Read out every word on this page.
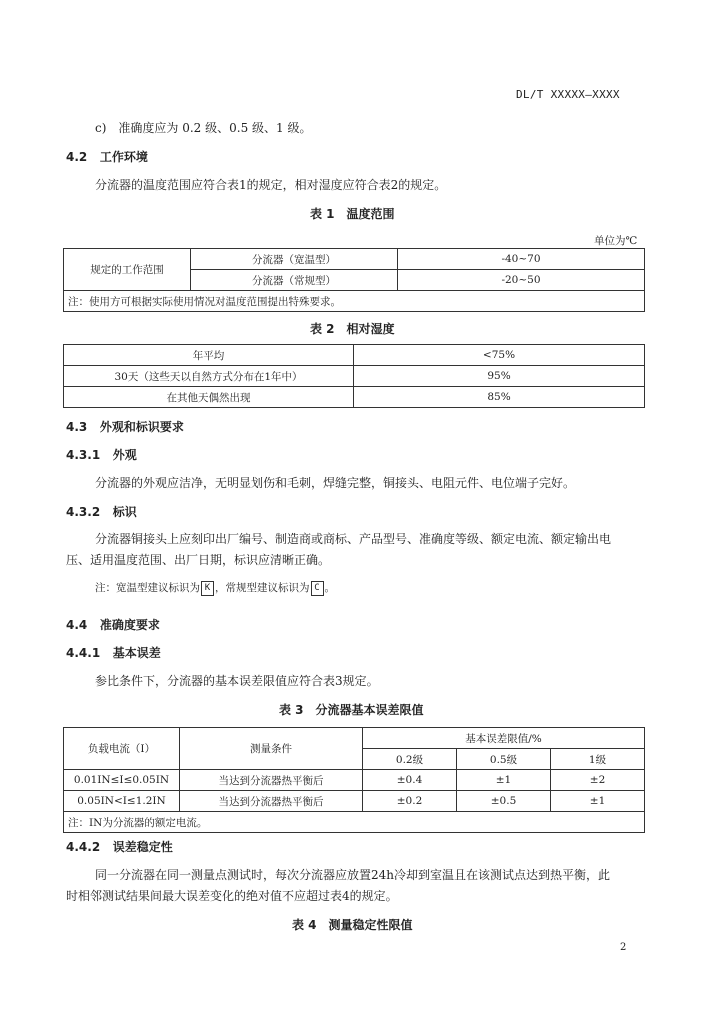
DL/T XXXXX—XXXX
c)　准确度应为 0.2 级、0.5 级、1 级。
4.2 工作环境
分流器的温度范围应符合表1的规定，相对湿度应符合表2的规定。
表 1　温度范围
单位为℃
规定的工作范围	分流器（宽温型）	-40~70
	分流器（常规型）	-20~50
注：使用方可根据实际使用情况对温度范围提出特殊要求。		
表 2　相对湿度
年平均	<75%
30天（这些天以自然方式分布在1年中）	95%
在其他天偶然出现	85%
4.3 外观和标识要求
4.3.1 外观
分流器的外观应洁净，无明显划伤和毛刺，焊缝完整，铜接头、电阻元件、电位端子完好。
4.3.2 标识
分流器铜接头上应刻印出厂编号、制造商或商标、产品型号、准确度等级、额定电流、额定输出电
压、适用温度范围、出厂日期，标识应清晰正确。
注：宽温型建议标识为 K ，常规型建议标识为 C 。
4.4 准确度要求
4.4.1 基本误差
参比条件下，分流器的基本误差限值应符合表3规定。
表 3　分流器基本误差限值
负载电流（I）	测量条件	基本误差限值/%		
		0.2级	0.5级	1级
0.01IN≤I≤0.05IN	当达到分流器热平衡后	±0.4	±1	±2
0.05IN<I≤1.2IN	当达到分流器热平衡后	±0.2	±0.5	±1
注：IN为分流器的额定电流。				
4.4.2 误差稳定性
同一分流器在同一测量点测试时，每次分流器应放置24h冷却到室温且在该测试点达到热平衡，此
时相邻测试结果间最大误差变化的绝对值不应超过表4的规定。
表 4　测量稳定性限值
2
